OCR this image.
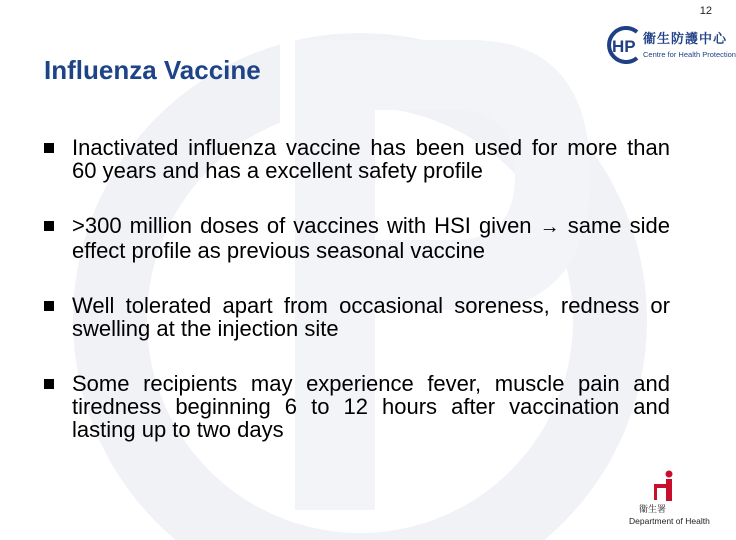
12
HP 衞生防護中心
Centre for Health Protection
Influenza Vaccine
Inactivated influenza vaccine has been used for more than 60 years and has a excellent safety profile
>300 million doses of vaccines with HSI given → same side effect profile as previous seasonal vaccine
Well tolerated apart from occasional soreness, redness or swelling at the injection site
Some recipients may experience fever, muscle pain and tiredness beginning 6 to 12 hours after vaccination and lasting up to two days
衞生署
Department of Health
